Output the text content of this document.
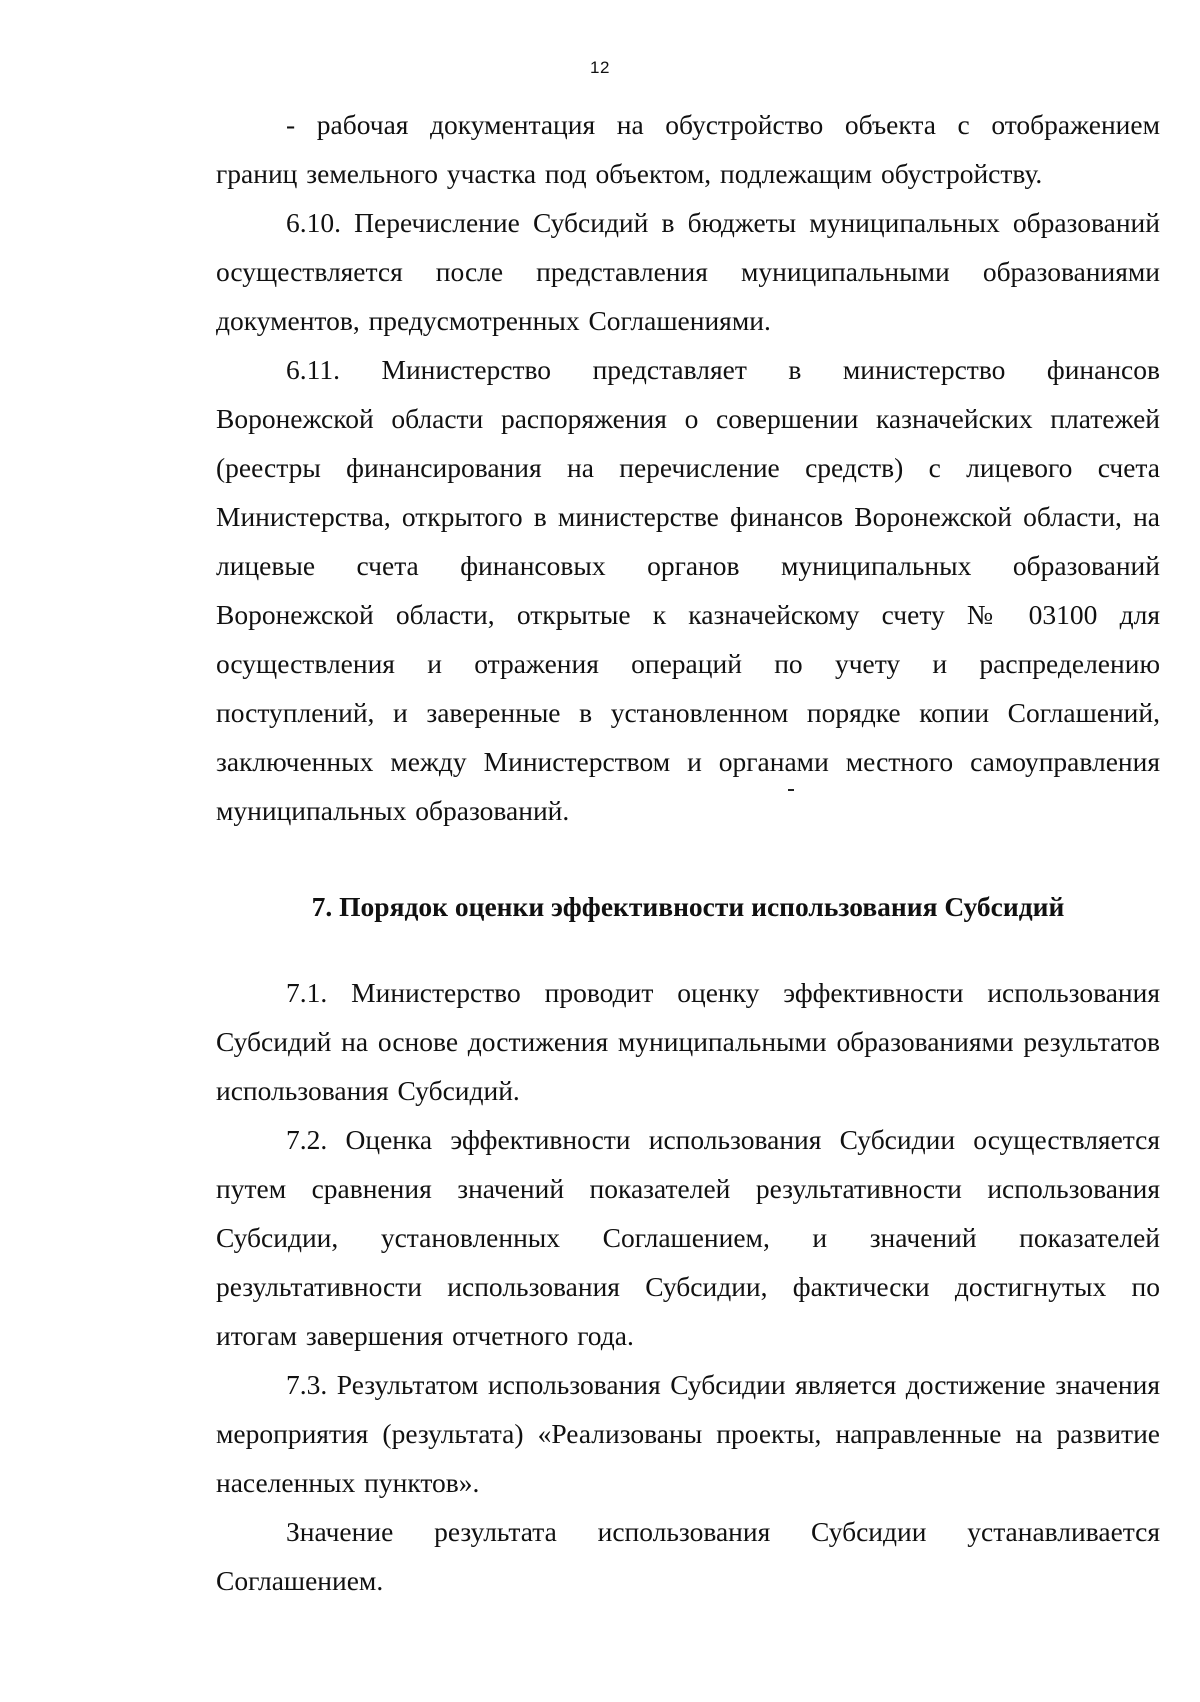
12

- рабочая документация на обустройство объекта с отображением границ земельного участка под объектом, подлежащим обустройству.

6.10. Перечисление Субсидий в бюджеты муниципальных образований осуществляется после представления муниципальными образованиями документов, предусмотренных Соглашениями.

6.11. Министерство представляет в министерство финансов Воронежской области распоряжения о совершении казначейских платежей (реестры финансирования на перечисление средств) с лицевого счета Министерства, открытого в министерстве финансов Воронежской области, на лицевые счета финансовых органов муниципальных образований Воронежской области, открытые к казначейскому счету № 03100 для осуществления и отражения операций по учету и распределению поступлений, и заверенные в установленном порядке копии Соглашений, заключенных между Министерством и органами местного самоуправления муниципальных образований.

7. Порядок оценки эффективности использования Субсидий

7.1. Министерство проводит оценку эффективности использования Субсидий на основе достижения муниципальными образованиями результатов использования Субсидий.

7.2. Оценка эффективности использования Субсидии осуществляется путем сравнения значений показателей результативности использования Субсидии, установленных Соглашением, и значений показателей результативности использования Субсидии, фактически достигнутых по итогам завершения отчетного года.

7.3. Результатом использования Субсидии является достижение значения мероприятия (результата) «Реализованы проекты, направленные на развитие населенных пунктов».

Значение результата использования Субсидии устанавливается Соглашением.
